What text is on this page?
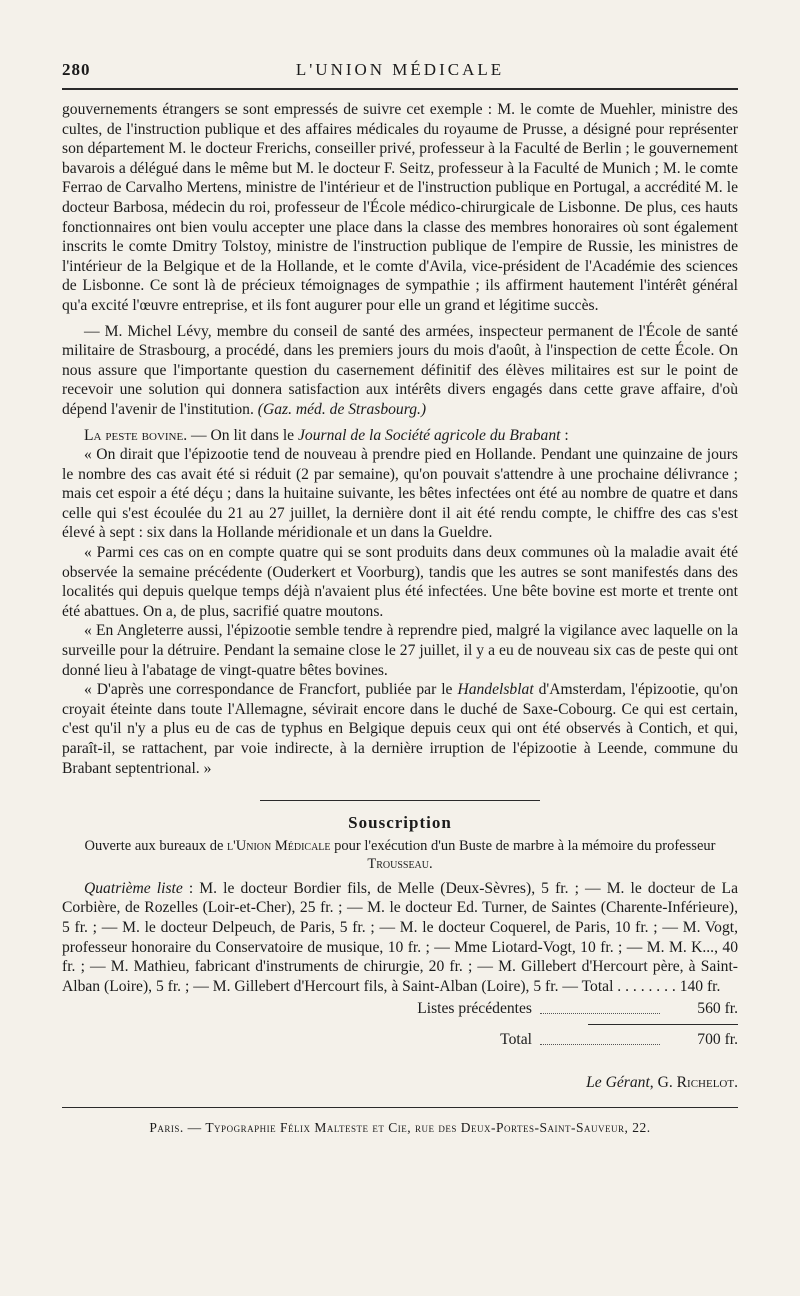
280	L'UNION MÉDICALE

gouvernements étrangers se sont empressés de suivre cet exemple : M. le comte de Muehler, ministre des cultes, de l'instruction publique et des affaires médicales du royaume de Prusse, a désigné pour représenter son département M. le docteur Frerichs, conseiller privé, professeur à la Faculté de Berlin ; le gouvernement bavarois a délégué dans le même but M. le docteur F. Seitz, professeur à la Faculté de Munich ; M. le comte Ferrao de Carvalho Mertens, ministre de l'intérieur et de l'instruction publique en Portugal, a accrédité M. le docteur Barbosa, médecin du roi, professeur de l'École médico-chirurgicale de Lisbonne. De plus, ces hauts fonctionnaires ont bien voulu accepter une place dans la classe des membres honoraires où sont également inscrits le comte Dmitry Tolstoy, ministre de l'instruction publique de l'empire de Russie, les ministres de l'intérieur de la Belgique et de la Hollande, et le comte d'Avila, vice-président de l'Académie des sciences de Lisbonne. Ce sont là de précieux témoignages de sympathie ; ils affirment hautement l'intérêt général qu'a excité l'œuvre entreprise, et ils font augurer pour elle un grand et légitime succès.

— M. Michel Lévy, membre du conseil de santé des armées, inspecteur permanent de l'École de santé militaire de Strasbourg, a procédé, dans les premiers jours du mois d'août, à l'inspection de cette École. On nous assure que l'importante question du casernement définitif des élèves militaires est sur le point de recevoir une solution qui donnera satisfaction aux intérêts divers engagés dans cette grave affaire, d'où dépend l'avenir de l'institution. (Gaz. méd. de Strasbourg.)

La peste bovine. — On lit dans le Journal de la Société agricole du Brabant :

« On dirait que l'épizootie tend de nouveau à prendre pied en Hollande. Pendant une quinzaine de jours le nombre des cas avait été si réduit (2 par semaine), qu'on pouvait s'attendre à une prochaine délivrance ; mais cet espoir a été déçu ; dans la huitaine suivante, les bêtes infectées ont été au nombre de quatre et dans celle qui s'est écoulée du 21 au 27 juillet, la dernière dont il ait été rendu compte, le chiffre des cas s'est élevé à sept : six dans la Hollande méridionale et un dans la Gueldre.

« Parmi ces cas on en compte quatre qui se sont produits dans deux communes où la maladie avait été observée la semaine précédente (Ouderkert et Voorburg), tandis que les autres se sont manifestés dans des localités qui depuis quelque temps déjà n'avaient plus été infectées. Une bête bovine est morte et trente ont été abattues. On a, de plus, sacrifié quatre moutons.

« En Angleterre aussi, l'épizootie semble tendre à reprendre pied, malgré la vigilance avec laquelle on la surveille pour la détruire. Pendant la semaine close le 27 juillet, il y a eu de nouveau six cas de peste qui ont donné lieu à l'abatage de vingt-quatre bêtes bovines.

« D'après une correspondance de Francfort, publiée par le Handelsblat d'Amsterdam, l'épizootie, qu'on croyait éteinte dans toute l'Allemagne, sévirait encore dans le duché de Saxe-Cobourg. Ce qui est certain, c'est qu'il n'y a plus eu de cas de typhus en Belgique depuis ceux qui ont été observés à Contich, et qui, paraît-il, se rattachent, par voie indirecte, à la dernière irruption de l'épizootie à Leende, commune du Brabant septentrional. »

Souscription

Ouverte aux bureaux de l'Union Médicale pour l'exécution d'un Buste de marbre à la mémoire du professeur Trousseau.

Quatrième liste : M. le docteur Bordier fils, de Melle (Deux-Sèvres), 5 fr. ; — M. le docteur de La Corbière, de Rozelles (Loir-et-Cher), 25 fr. ; — M. le docteur Ed. Turner, de Saintes (Charente-Inférieure), 5 fr. ; — M. le docteur Delpeuch, de Paris, 5 fr. ; — M. le docteur Coquerel, de Paris, 10 fr. ; — M. Vogt, professeur honoraire du Conservatoire de musique, 10 fr. ; — Mme Liotard-Vogt, 10 fr. ; — M. M. K..., 40 fr. ; — M. Mathieu, fabricant d'instruments de chirurgie, 20 fr. ; — M. Gillebert d'Hercourt père, à Saint-Alban (Loire), 5 fr. ; — M. Gillebert d'Hercourt fils, à Saint-Alban (Loire), 5 fr. — Total . . . . . . . . 140 fr.

Listes précédentes	560 fr.
Total	700 fr.
Le Gérant, G. Richelot.
Paris. — Typographie Félix Malteste et Cie, rue des Deux-Portes-Saint-Sauveur, 22.
